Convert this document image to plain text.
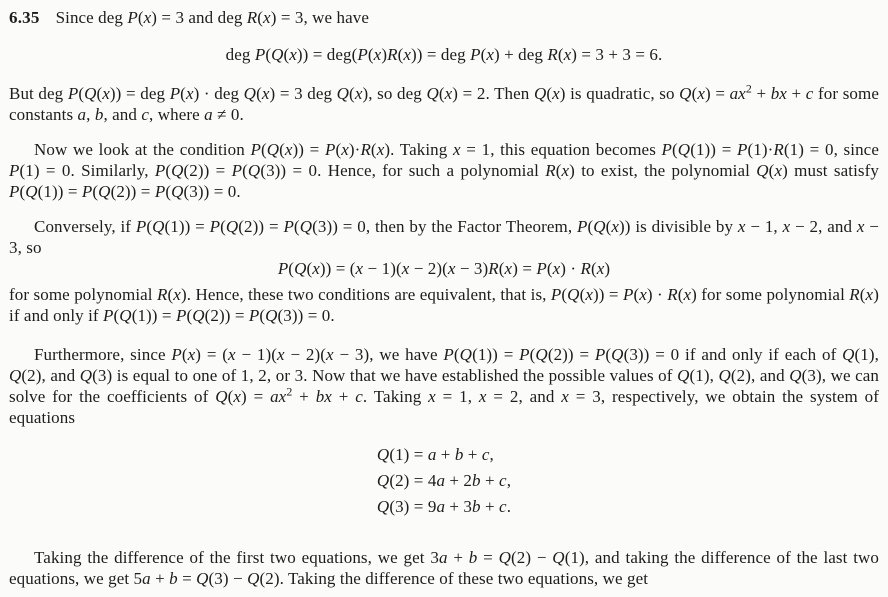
6.35 Since deg P(x) = 3 and deg R(x) = 3, we have

deg P(Q(x)) = deg(P(x)R(x)) = deg P(x) + deg R(x) = 3 + 3 = 6.

But deg P(Q(x)) = deg P(x) · deg Q(x) = 3 deg Q(x), so deg Q(x) = 2. Then Q(x) is quadratic, so $Q(x) = ax^2$ + bx + c for some constants a, b, and c, where a ≠ 0.

Now we look at the condition P(Q(x)) = P(x)·R(x). Taking x = 1, this equation becomes P(Q(1)) = P(1)·R(1) = 0, since P(1) = 0. Similarly, P(Q(2)) = P(Q(3)) = 0. Hence, for such a polynomial R(x) to exist, the polynomial Q(x) must satisfy P(Q(1)) = P(Q(2)) = P(Q(3)) = 0.

Conversely, if P(Q(1)) = P(Q(2)) = P(Q(3)) = 0, then by the Factor Theorem, P(Q(x)) is divisible by x − 1, x − 2, and x − 3, so

P(Q(x)) = (x − 1)(x − 2)(x − 3)R(x) = P(x) · R(x)

for some polynomial R(x). Hence, these two conditions are equivalent, that is, P(Q(x)) = P(x) · R(x) for some polynomial R(x) if and only if P(Q(1)) = P(Q(2)) = P(Q(3)) = 0.

Furthermore, since P(x) = (x − 1)(x − 2)(x − 3), we have P(Q(1)) = P(Q(2)) = P(Q(3)) = 0 if and only if each of Q(1), Q(2), and Q(3) is equal to one of 1, 2, or 3. Now that we have established the possible values of Q(1), Q(2), and Q(3), we can solve for the coefficients of $Q(x) = ax^2$ + bx + c. Taking x = 1, x = 2, and x = 3, respectively, we obtain the system of equations

Q(1) = a + b + c,
Q(2) = 4a + 2b + c,
Q(3) = 9a + 3b + c.

Taking the difference of the first two equations, we get 3a + b = Q(2) − Q(1), and taking the difference of the last two equations, we get 5a + b = Q(3) − Q(2). Taking the difference of these two equations, we get
